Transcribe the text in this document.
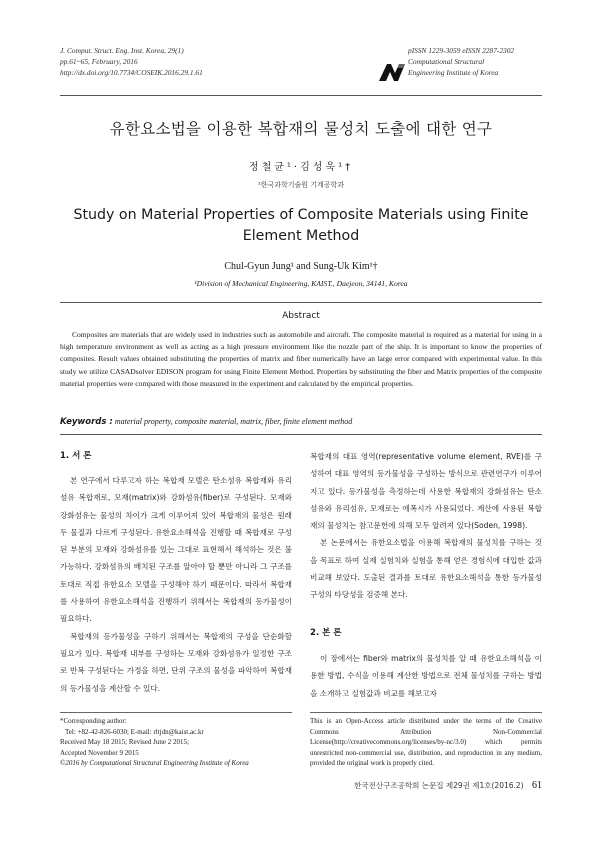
J. Comput. Struct. Eng. Inst. Korea, 29(1)
pp.61~65, February, 2016
http://dx.doi.org/10.7734/COSEIK.2016.29.1.61
pISSN 1229-3059 eISSN 2287-2302
Computational Structural
Engineering Institute of Korea
유한요소법을 이용한 복합재의 물성치 도출에 대한 연구
정철균¹·김성욱¹†
¹한국과학기술원 기계공학과
Study on Material Properties of Composite Materials using Finite Element Method
Chul-Gyun Jung¹ and Sung-Uk Kim¹†
¹Division of Mechanical Engineering, KAIST., Daejeon, 34141, Korea
Abstract
Composites are materials that are widely used in industries such as automobile and aircraft. The composite material is required as a material for using in a high temperature environment as well as acting as a high pressure environment like the nozzle part of the ship. It is important to know the properties of composites. Result values obtained substituting the properties of matrix and fiber numerically have an large error compared with experimental value. In this study we utilize CASADsolver EDISON program for using Finite Element Method. Properties by substituting the fiber and Matrix properties of the composite material properties were compared with those measured in the experiment and calculated by the empirical properties.
Keywords : material property, composite material, matrix, fiber, finite element method
1. 서 론

본 연구에서 다루고자 하는 복합재 모델은 탄소섬유 복합재와 유리섬유 복합재로, 모재(matrix)와 강화섬유(fiber)로 구성된다. 모재와 강화섬유는 물성의 차이가 크게 이루어져 있어 복합재의 물성은 원래 두 물질과 다르게 구성된다. 유한요소해석을 진행할 때 복합재로 구성된 부분의 모재와 강화섬유를 있는 그대로 표현해서 해석하는 것은 불가능하다. 강화섬유의 배치된 구조를 알아야 할 뿐만 아니라 그 구조를 토대로 직접 유한요소 모델을 구성해야 하기 때문이다. 따라서 복합재를 사용하여 유한요소해석을 진행하기 위해서는 복합재의 등가물성이 필요하다.

복합재의 등가물성을 구하기 위해서는 복합재의 구성을 단순화할 필요가 있다. 복합재 내부를 구성하는 모재와 강화섬유가 일정한 구조로 반복 구성된다는 가정을 하면, 단위 구조의 물성을 파악하여 복합재의 등가물성을 계산할 수 있다.

복합재의 대표 영역(representative volume element, RVE)를 구성하여 대표 영역의 등가물성을 구성하는 방식으로 관련연구가 이루어지고 있다. 등가물성을 측정하는데 사용한 복합재의 강화섬유는 탄소섬유와 유리섬유, 모재로는 에폭시가 사용되었다. 계산에 사용된 복합재의 물성치는 참고문헌에 의해 모두 알려져 있다(Soden, 1998).

본 논문에서는 유한요소법을 이용해 복합재의 물성치를 구하는 것을 목표로 하여 실제 실험치와 실험을 통해 얻은 경험식에 대입한 값과 비교해 보았다. 도출된 결과를 토대로 유한요소해석을 통한 등가물성 구성의 타당성을 검증해 본다.

2. 본 론

이 장에서는 fiber와 matrix의 물성치를 알 때 유한요소해석을 이용한 방법, 수식을 이용해 계산한 방법으로 전체 물성치를 구하는 방법을 소개하고 실험값과 비교를 해보고자

*Corresponding author:
Tel: +82-42-826-6030; E-mail: rltjdn@kaist.ac.kr
Received May 18 2015; Revised June 2 2015;
Accepted November 9 2015
©2016 by Computational Structural Engineering Institute of Korea
This is an Open-Access article distributed under the terms of the Creative Commons Attribution Non-Commercial License(http://creativecommons.org/licenses/by-nc/3.0) which permits unrestricted non-commercial use, distribution, and reproduction in any medium, provided the original work is properly cited.
한국전산구조공학회 논문집 제29권 제1호(2016.2) 61
